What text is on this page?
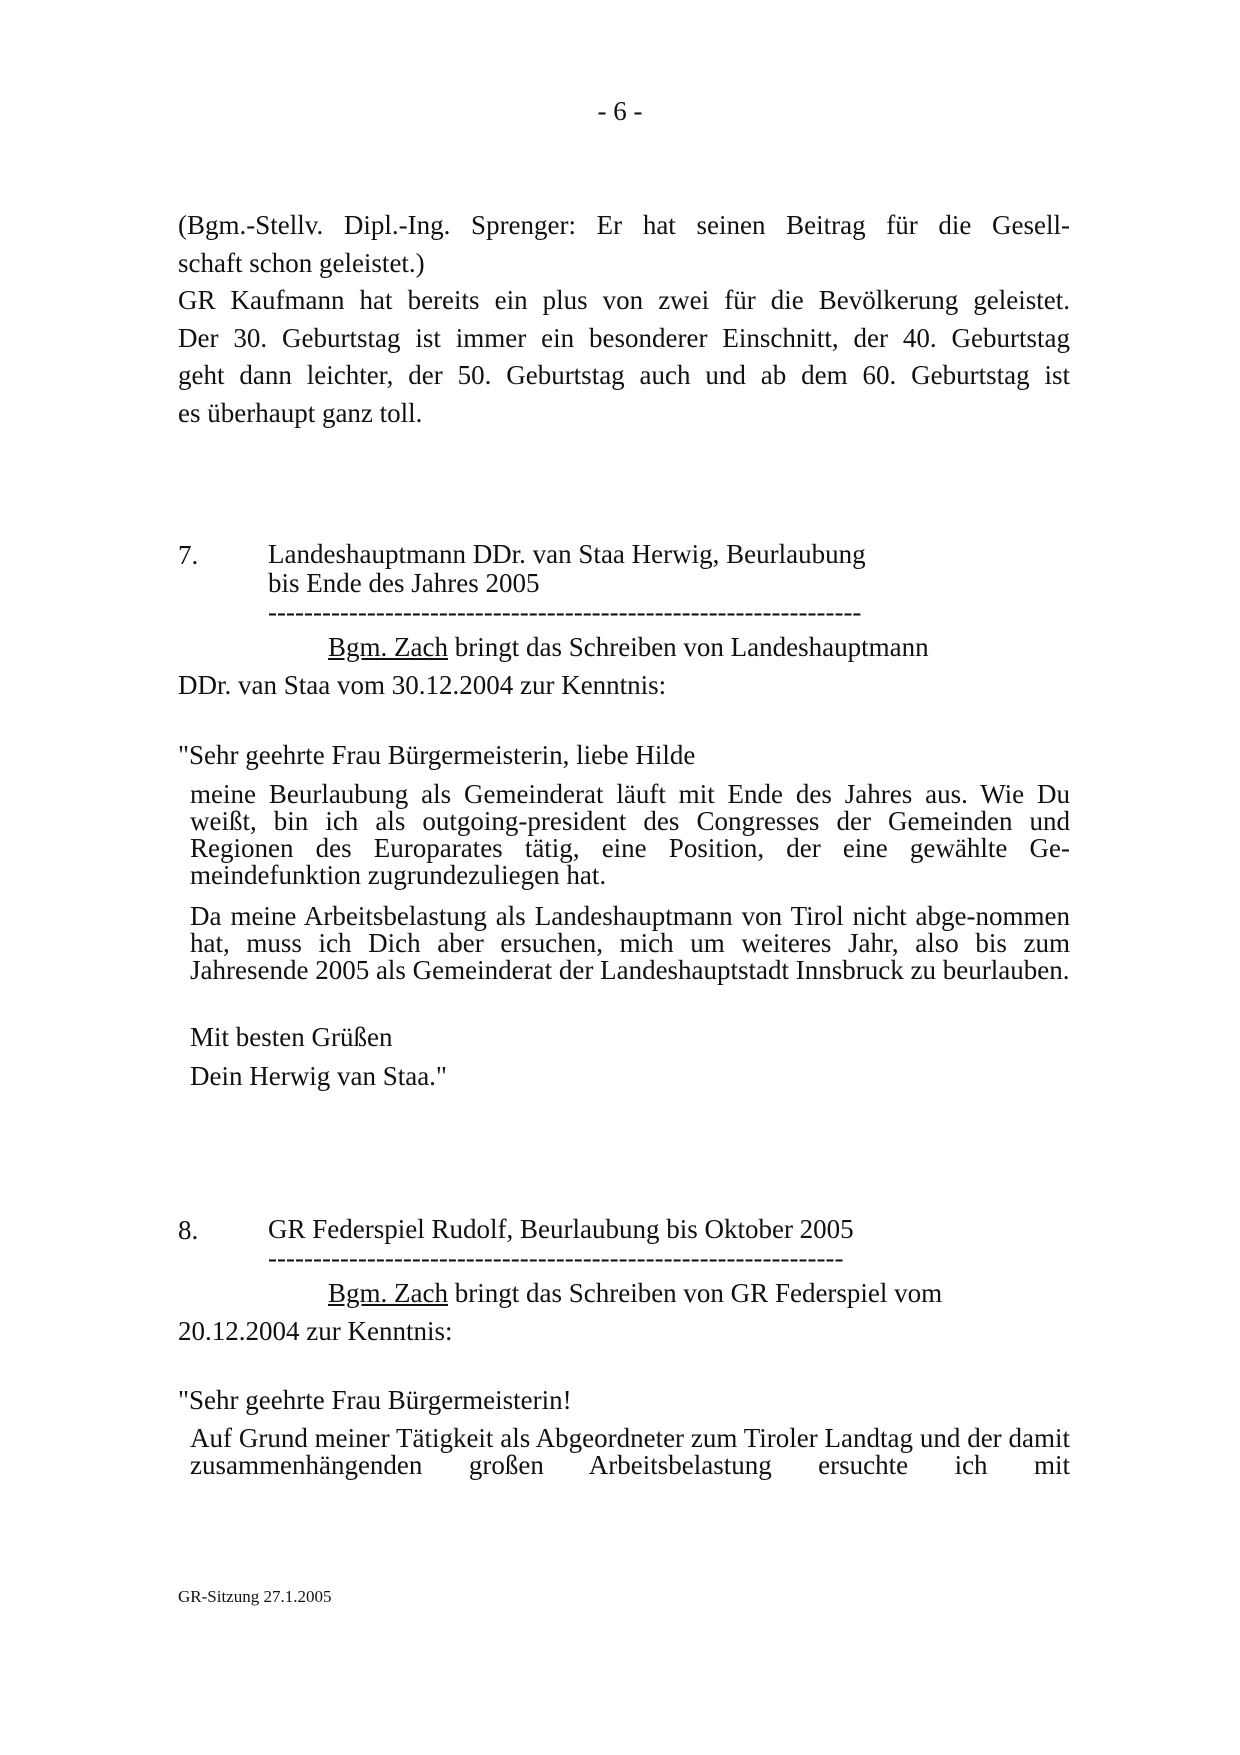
- 6 -
(Bgm.-Stellv. Dipl.-Ing. Sprenger: Er hat seinen Beitrag für die Gesell-
schaft schon geleistet.)
GR Kaufmann hat bereits ein plus von zwei für die Bevölkerung geleistet.
Der 30. Geburtstag ist immer ein besonderer Einschnitt, der 40. Geburtstag
geht dann leichter, der 50. Geburtstag auch und ab dem 60. Geburtstag ist
es überhaupt ganz toll.
7.	Landeshauptmann DDr. van Staa Herwig, Beurlaubung
bis Ende des Jahres 2005
------------------------------------------------------------------
Bgm. Zach bringt das Schreiben von Landeshauptmann
DDr. van Staa vom 30.12.2004 zur Kenntnis:
"Sehr geehrte Frau Bürgermeisterin, liebe Hilde
meine Beurlaubung als Gemeinderat läuft mit Ende des Jahres aus. Wie Du weißt, bin ich als outgoing-president des Congresses der Gemeinden und Regionen des Europarates tätig, eine Position, der eine gewählte Ge-meindefunktion zugrundezuliegen hat.
Da meine Arbeitsbelastung als Landeshauptmann von Tirol nicht abge-nommen hat, muss ich Dich aber ersuchen, mich um weiteres Jahr, also bis zum Jahresende 2005 als Gemeinderat der Landeshauptstadt Innsbruck zu beurlauben.
Mit besten Grüßen
Dein Herwig van Staa."
8.	GR Federspiel Rudolf, Beurlaubung bis Oktober 2005
----------------------------------------------------------------
Bgm. Zach bringt das Schreiben von GR Federspiel vom
20.12.2004 zur Kenntnis:
"Sehr geehrte Frau Bürgermeisterin!
Auf Grund meiner Tätigkeit als Abgeordneter zum Tiroler Landtag und der damit zusammenhängenden großen Arbeitsbelastung ersuchte ich mit
GR-Sitzung 27.1.2005
